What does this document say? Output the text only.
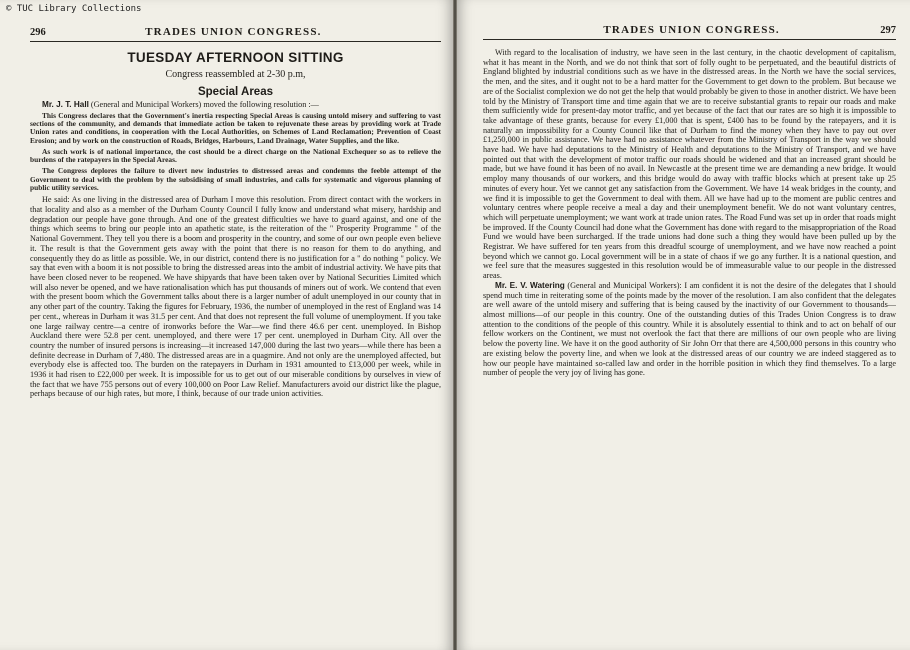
© TUC Library Collections
296	TRADES UNION CONGRESS.
TUESDAY AFTERNOON SITTING
Congress reassembled at 2-30 p.m,
Special Areas

Mr. J. T. Hall (General and Municipal Workers) moved the following resolution :—

This Congress declares that the Government's inertia respecting Special Areas is causing untold misery and suffering to vast sections of the community, and demands that immediate action be taken to rejuvenate these areas by providing work at Trade Union rates and conditions, in cooperation with the Local Authorities, on Schemes of Land Reclamation; Prevention of Coast Erosion; and by work on the construction of Roads, Bridges, Harbours, Land Drainage, Water Supplies, and the like.

As such work is of national importance, the cost should be a direct charge on the National Exchequer so as to relieve the burdens of the ratepayers in the Special Areas.

The Congress deplores the failure to divert new industries to distressed areas and condemns the feeble attempt of the Government to deal with the problem by the subsidising of small industries, and calls for systematic and vigorous planning of public utility services.

He said: As one living in the distressed area of Durham I move this resolution. From direct contact with the workers in that locality and also as a member of the Durham County Council I fully know and understand what misery, hardship and degradation our people have gone through. And one of the greatest difficulties we have to guard against, and one of the things which seems to bring our people into an apathetic state, is the reiteration of the " Prosperity Programme " of the National Government. They tell you there is a boom and prosperity in the country, and some of our own people even believe it. The result is that the Government gets away with the point that there is no reason for them to do anything, and consequently they do as little as possible. We, in our district, contend there is no justification for a " do nothing " policy. We say that even with a boom it is not possible to bring the distressed areas into the ambit of industrial activity. We have pits that have been closed never to be reopened. We have shipyards that have been taken over by National Securities Limited which will also never be opened, and we have rationalisation which has put thousands of miners out of work. We contend that even with the present boom which the Government talks about there is a larger number of adult unemployed in our county that in any other part of the country. Taking the figures for February, 1936, the number of unemployed in the rest of England was 14 per cent., whereas in Durham it was 31.5 per cent. And that does not represent the full volume of unemployment. If you take one large railway centre—a centre of ironworks before the War—we find there 46.6 per cent. unemployed. In Bishop Auckland there were 52.8 per cent. unemployed, and there were 17 per cent. unemployed in Durham City. All over the country the number of insured persons is increasing—it increased 147,000 during the last two years—while there has been a definite decrease in Durham of 7,480. The distressed areas are in a quagmire. And not only are the unemployed affected, but everybody else is affected too. The burden on the ratepayers in Durham in 1931 amounted to £13,000 per week, while in 1936 it had risen to £22,000 per week. It is impossible for us to get out of our miserable conditions by ourselves in view of the fact that we have 755 persons out of every 100,000 on Poor Law Relief. Manufacturers avoid our district like the plague, perhaps because of our high rates, but more, I think, because of our trade union activities.

TRADES UNION CONGRESS.	297

With regard to the localisation of industry, we have seen in the last century, in the chaotic development of capitalism, what it has meant in the North, and we do not think that sort of folly ought to be perpetuated, and the beautiful districts of England blighted by industrial conditions such as we have in the distressed areas. In the North we have the social services, the men, and the sites, and it ought not to be a hard matter for the Government to get down to the problem. But because we are of the Socialist complexion we do not get the help that would probably be given to those in another district. We have been told by the Ministry of Transport time and time again that we are to receive substantial grants to repair our roads and make them sufficiently wide for present-day motor traffic, and yet because of the fact that our rates are so high it is impossible to take advantage of these grants, because for every £1,000 that is spent, £400 has to be found by the ratepayers, and it is naturally an impossibility for a County Council like that of Durham to find the money when they have to pay out over £1,250,000 in public assistance. We have had no assistance whatever from the Ministry of Transport in the way we should have had. We have had deputations to the Ministry of Health and deputations to the Ministry of Transport, and we have pointed out that with the development of motor traffic our roads should be widened and that an increased grant should be made, but we have found it has been of no avail. In Newcastle at the present time we are demanding a new bridge. It would employ many thousands of our workers, and this bridge would do away with traffic blocks which at present take up 25 minutes of every hour. Yet we cannot get any satisfaction from the Government. We have 14 weak bridges in the county, and we find it is impossible to get the Government to deal with them. All we have had up to the moment are public centres and voluntary centres where people receive a meal a day and their unemployment benefit. We do not want voluntary centres, which will perpetuate unemployment; we want work at trade union rates. The Road Fund was set up in order that roads might be improved. If the County Council had done what the Government has done with regard to the misappropriation of the Road Fund we would have been surcharged. If the trade unions had done such a thing they would have been pulled up by the Registrar. We have suffered for ten years from this dreadful scourge of unemployment, and we have now reached a point beyond which we cannot go. Local government will be in a state of chaos if we go any further. It is a national question, and we feel sure that the measures suggested in this resolution would be of immeasurable value to our people in the distressed areas.

Mr. E. V. Watering (General and Municipal Workers): I am confident it is not the desire of the delegates that I should spend much time in reiterating some of the points made by the mover of the resolution. I am also confident that the delegates are well aware of the untold misery and suffering that is being caused by the inactivity of our Government to thousands—almost millions—of our people in this country. One of the outstanding duties of this Trades Union Congress is to draw attention to the conditions of the people of this country. While it is absolutely essential to think and to act on behalf of our fellow workers on the Continent, we must not overlook the fact that there are millions of our own people who are living below the poverty line. We have it on the good authority of Sir John Orr that there are 4,500,000 persons in this country who are existing below the poverty line, and when we look at the distressed areas of our country we are indeed staggered as to how our people have maintained so-called law and order in the horrible position in which they find themselves. To a large number of people the very joy of living has gone.
